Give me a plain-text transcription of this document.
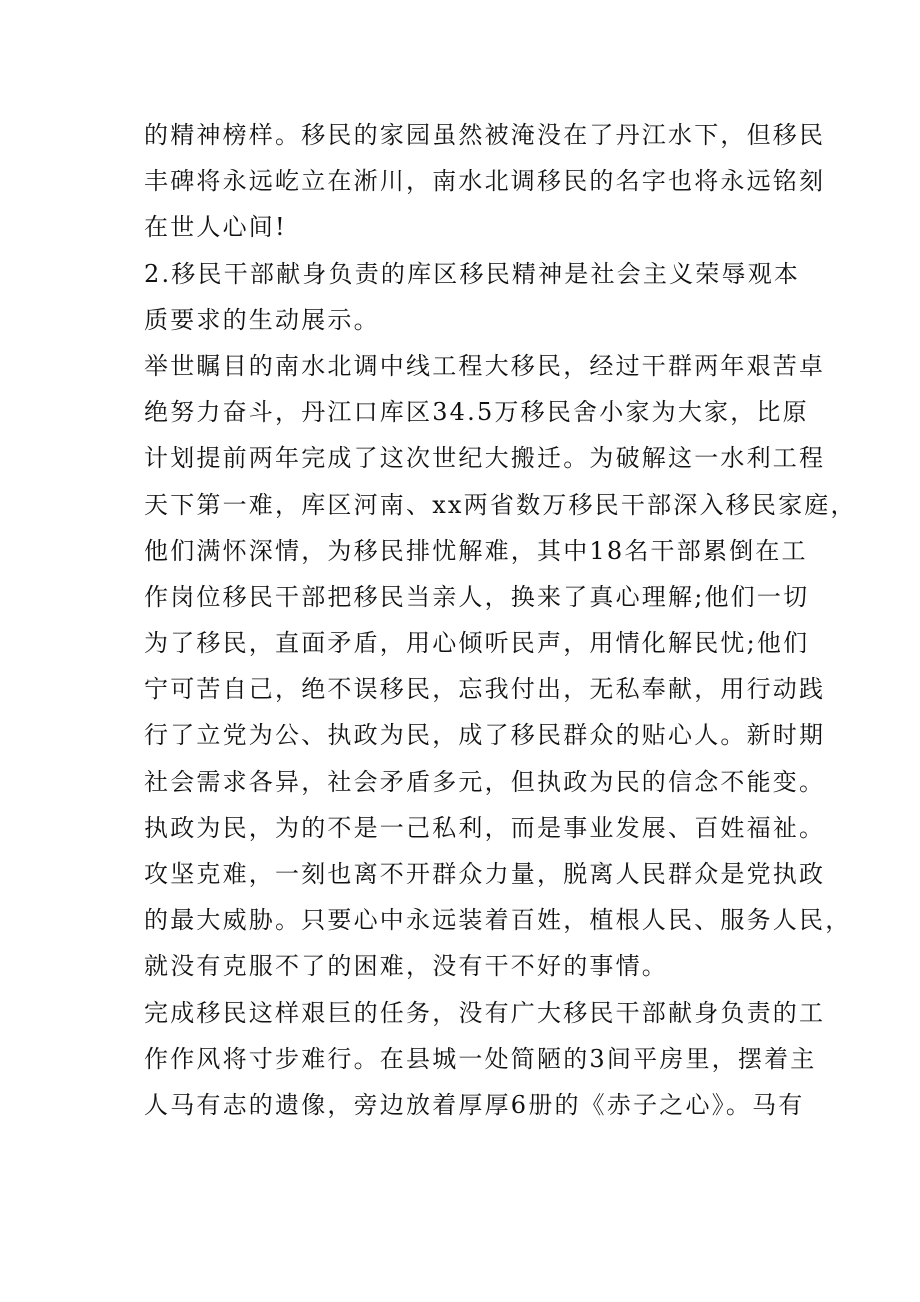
的精神榜样。移民的家园虽然被淹没在了丹江水下，但移民
丰碑将永远屹立在淅川，南水北调移民的名字也将永远铭刻
在世人心间!
2.移民干部献身负责的库区移民精神是社会主义荣辱观本
质要求的生动展示。
举世瞩目的南水北调中线工程大移民，经过干群两年艰苦卓
绝努力奋斗，丹江口库区34.5万移民舍小家为大家，比原
计划提前两年完成了这次世纪大搬迁。为破解这一水利工程
天下第一难，库区河南、xx两省数万移民干部深入移民家庭，
他们满怀深情，为移民排忧解难，其中18名干部累倒在工
作岗位移民干部把移民当亲人，换来了真心理解;他们一切
为了移民，直面矛盾，用心倾听民声，用情化解民忧;他们
宁可苦自己，绝不误移民，忘我付出，无私奉献，用行动践
行了立党为公、执政为民，成了移民群众的贴心人。新时期
社会需求各异，社会矛盾多元，但执政为民的信念不能变。
执政为民，为的不是一己私利，而是事业发展、百姓福祉。
攻坚克难，一刻也离不开群众力量，脱离人民群众是党执政
的最大威胁。只要心中永远装着百姓，植根人民、服务人民，
就没有克服不了的困难，没有干不好的事情。
完成移民这样艰巨的任务，没有广大移民干部献身负责的工
作作风将寸步难行。在县城一处简陋的3间平房里，摆着主
人马有志的遗像，旁边放着厚厚6册的《赤子之心》。马有
